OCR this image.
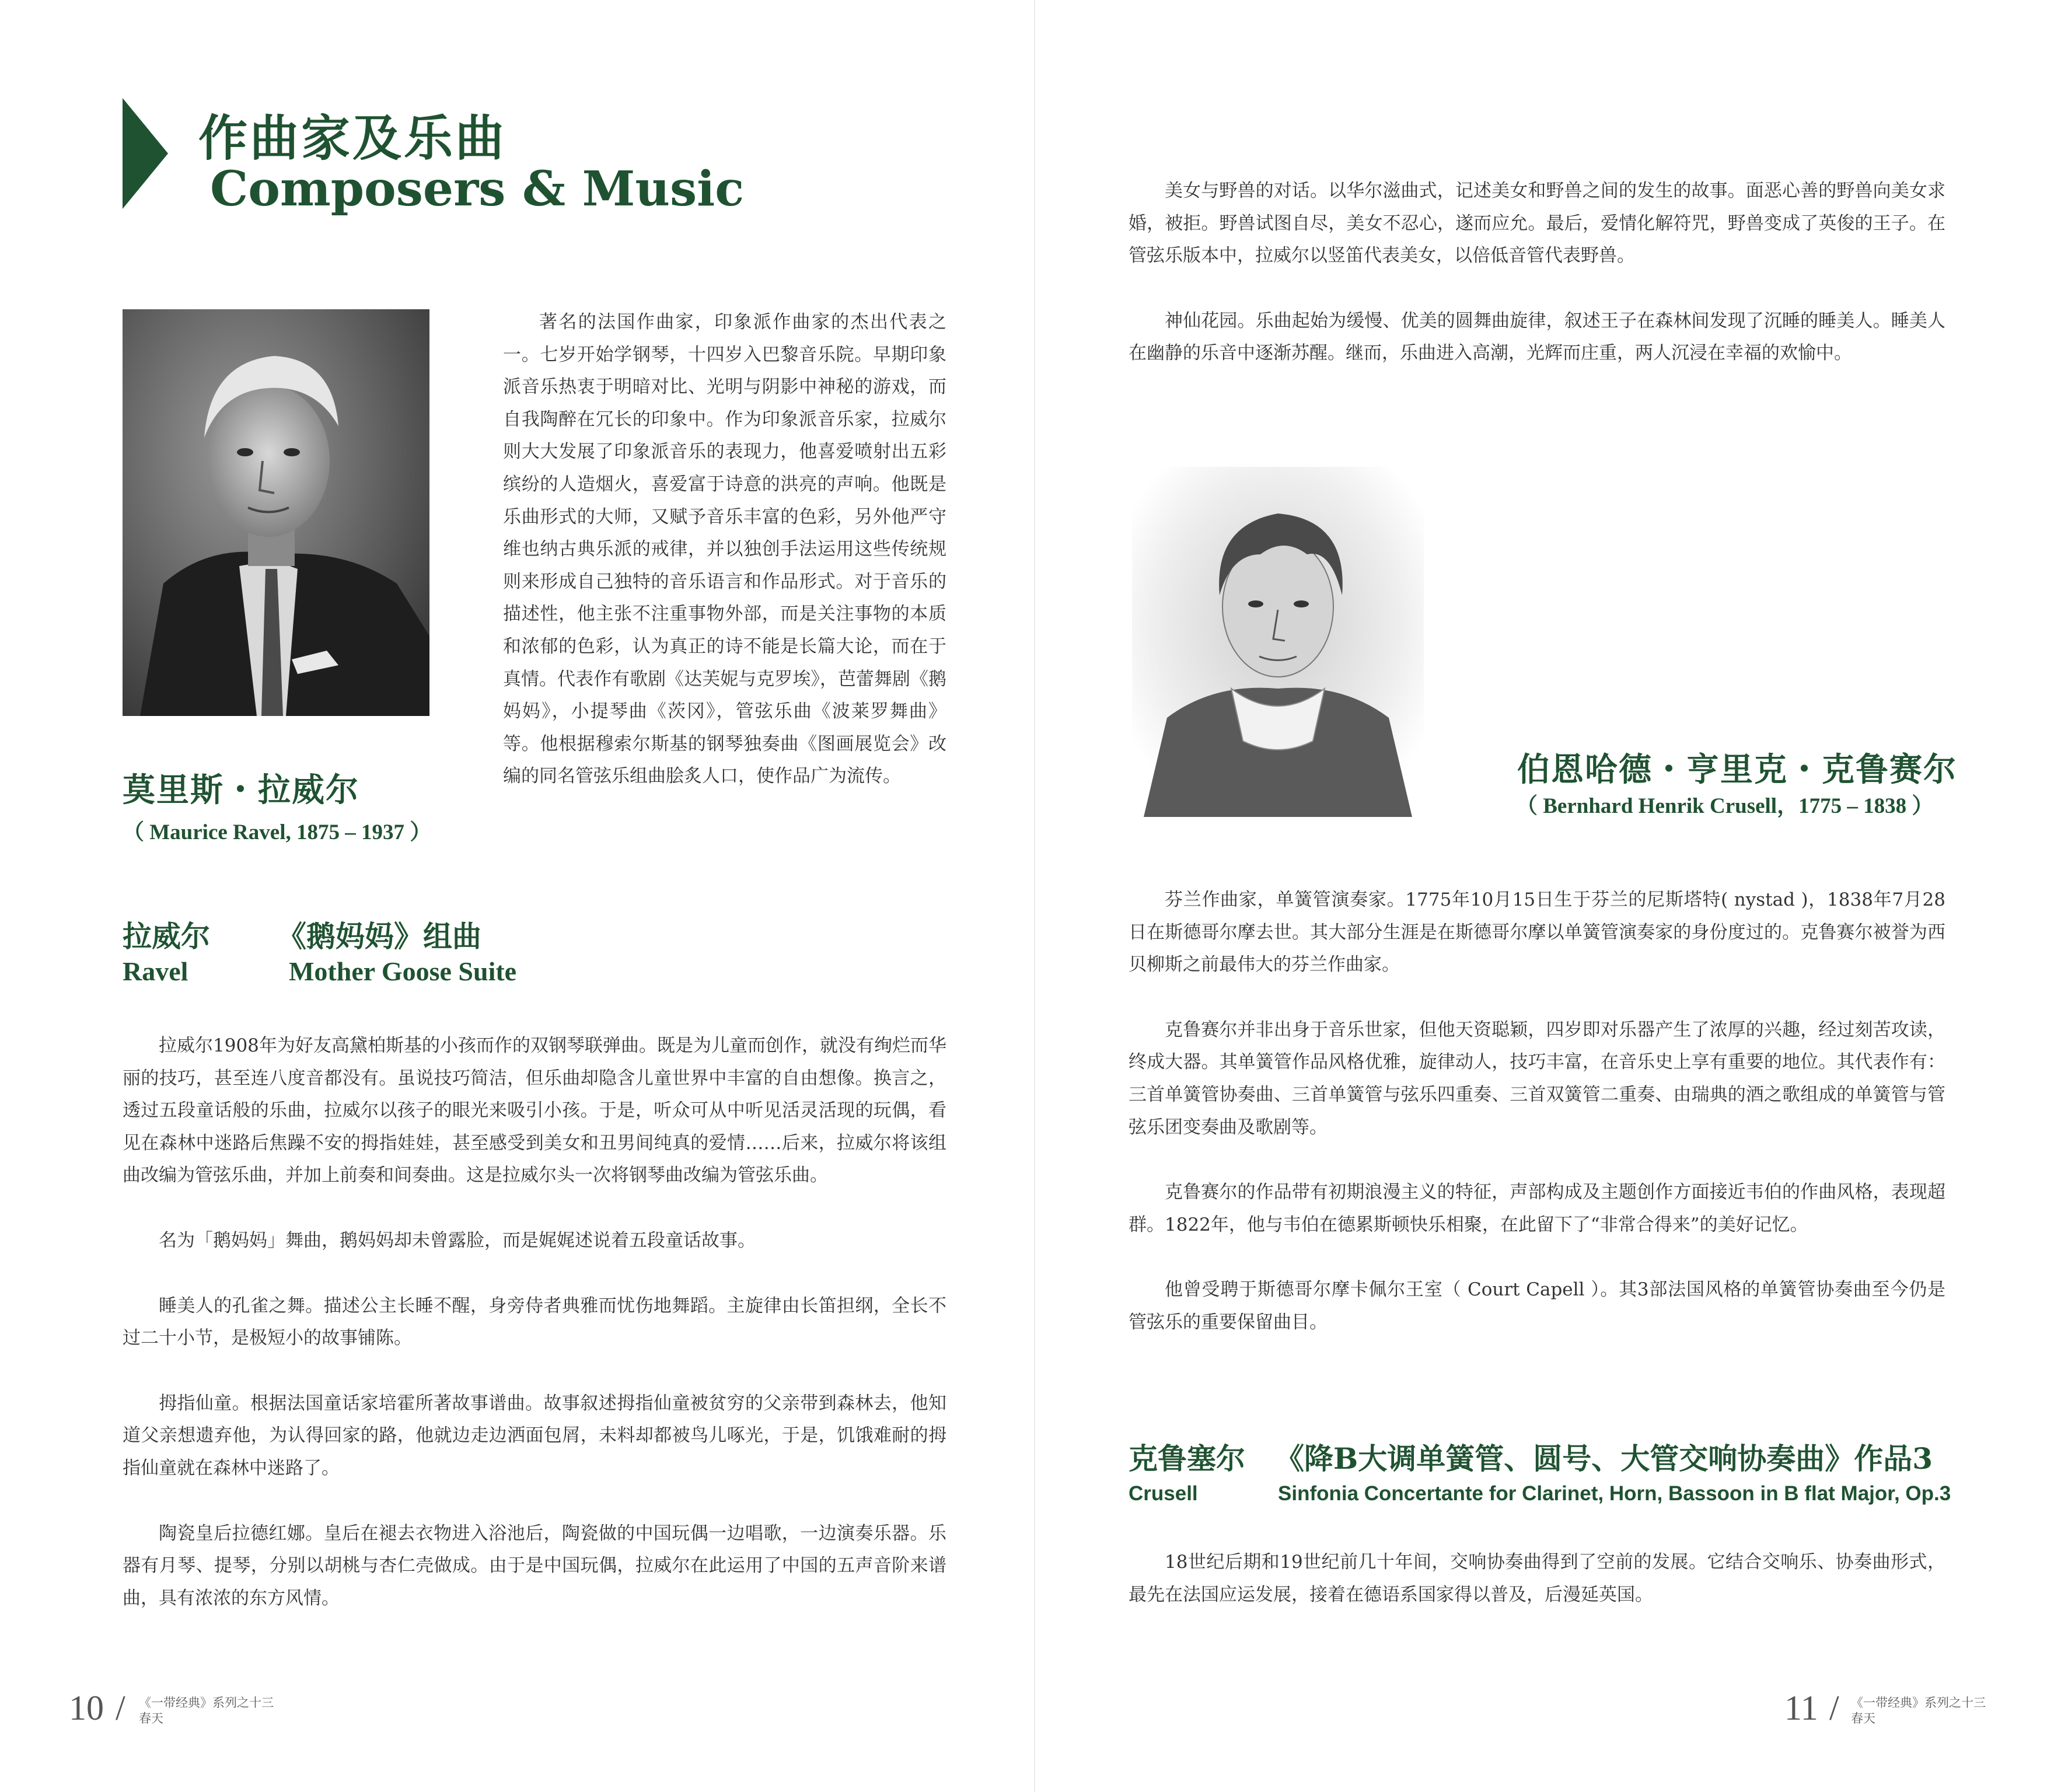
作曲家及乐曲
Composers & Music

著名的法国作曲家，印象派作曲家的杰出代表之一。七岁开始学钢琴，十四岁入巴黎音乐院。早期印象派音乐热衷于明暗对比、光明与阴影中神秘的游戏，而自我陶醉在冗长的印象中。作为印象派音乐家，拉威尔则大大发展了印象派音乐的表现力，他喜爱喷射出五彩缤纷的人造烟火，喜爱富于诗意的洪亮的声响。他既是乐曲形式的大师，又赋予音乐丰富的色彩，另外他严守维也纳古典乐派的戒律，并以独创手法运用这些传统规则来形成自己独特的音乐语言和作品形式。对于音乐的描述性，他主张不注重事物外部，而是关注事物的本质和浓郁的色彩，认为真正的诗不能是长篇大论，而在于真情。代表作有歌剧《达芙妮与克罗埃》，芭蕾舞剧《鹅妈妈》，小提琴曲《茨冈》，管弦乐曲《波莱罗舞曲》等。他根据穆索尔斯基的钢琴独奏曲《图画展览会》改编的同名管弦乐组曲脍炙人口，使作品广为流传。

莫里斯・拉威尔
（ Maurice Ravel, 1875 – 1937 ）
拉威尔 《鹅妈妈》组曲
Ravel	Mother Goose Suite

拉威尔1908年为好友高黛柏斯基的小孩而作的双钢琴联弹曲。既是为儿童而创作，就没有绚烂而华丽的技巧，甚至连八度音都没有。虽说技巧简洁，但乐曲却隐含儿童世界中丰富的自由想像。换言之，透过五段童话般的乐曲，拉威尔以孩子的眼光来吸引小孩。于是，听众可从中听见活灵活现的玩偶，看见在森林中迷路后焦躁不安的拇指娃娃，甚至感受到美女和丑男间纯真的爱情……后来，拉威尔将该组曲改编为管弦乐曲，并加上前奏和间奏曲。这是拉威尔头一次将钢琴曲改编为管弦乐曲。

名为「鹅妈妈」舞曲，鹅妈妈却未曾露脸，而是娓娓述说着五段童话故事。

睡美人的孔雀之舞。描述公主长睡不醒，身旁侍者典雅而忧伤地舞蹈。主旋律由长笛担纲，全长不过二十小节，是极短小的故事铺陈。

拇指仙童。根据法国童话家培霍所著故事谱曲。故事叙述拇指仙童被贫穷的父亲带到森林去，他知道父亲想遗弃他，为认得回家的路，他就边走边洒面包屑，未料却都被鸟儿啄光，于是，饥饿难耐的拇指仙童就在森林中迷路了。

陶瓷皇后拉德红娜。皇后在褪去衣物进入浴池后，陶瓷做的中国玩偶一边唱歌，一边演奏乐器。乐器有月琴、提琴，分别以胡桃与杏仁壳做成。由于是中国玩偶，拉威尔在此运用了中国的五声音阶来谱曲，具有浓浓的东方风情。

10 / 《一带经典》系列之十三
春天

美女与野兽的对话。以华尔滋曲式，记述美女和野兽之间的发生的故事。面恶心善的野兽向美女求婚，被拒。野兽试图自尽，美女不忍心，遂而应允。最后，爱情化解符咒，野兽变成了英俊的王子。在管弦乐版本中，拉威尔以竖笛代表美女，以倍低音管代表野兽。

神仙花园。乐曲起始为缓慢、优美的圆舞曲旋律，叙述王子在森林间发现了沉睡的睡美人。睡美人在幽静的乐音中逐渐苏醒。继而，乐曲进入高潮，光辉而庄重，两人沉浸在幸福的欢愉中。

伯恩哈德・亨里克・克鲁赛尔
（ Bernhard Henrik Crusell，1775 – 1838 ）

芬兰作曲家，单簧管演奏家。1775年10月15日生于芬兰的尼斯塔特( nystad )，1838年7月28日在斯德哥尔摩去世。其大部分生涯是在斯德哥尔摩以单簧管演奏家的身份度过的。克鲁赛尔被誉为西贝柳斯之前最伟大的芬兰作曲家。

克鲁赛尔并非出身于音乐世家，但他天资聪颖，四岁即对乐器产生了浓厚的兴趣，经过刻苦攻读，终成大器。其单簧管作品风格优雅，旋律动人，技巧丰富，在音乐史上享有重要的地位。其代表作有：三首单簧管协奏曲、三首单簧管与弦乐四重奏、三首双簧管二重奏、由瑞典的酒之歌组成的单簧管与管弦乐团变奏曲及歌剧等。

克鲁赛尔的作品带有初期浪漫主义的特征，声部构成及主题创作方面接近韦伯的作曲风格，表现超群。1822年，他与韦伯在德累斯顿快乐相聚，在此留下了“非常合得来”的美好记忆。

他曾受聘于斯德哥尔摩卡佩尔王室（ Court Capell ）。其3部法国风格的单簧管协奏曲至今仍是管弦乐的重要保留曲目。

克鲁塞尔 《降B大调单簧管、圆号、大管交响协奏曲》作品3
Crusell	Sinfonia Concertante for Clarinet, Horn, Bassoon in B flat Major, Op.3

18世纪后期和19世纪前几十年间，交响协奏曲得到了空前的发展。它结合交响乐、协奏曲形式，最先在法国应运发展，接着在德语系国家得以普及，后漫延英国。

11 / 《一带经典》系列之十三
春天
